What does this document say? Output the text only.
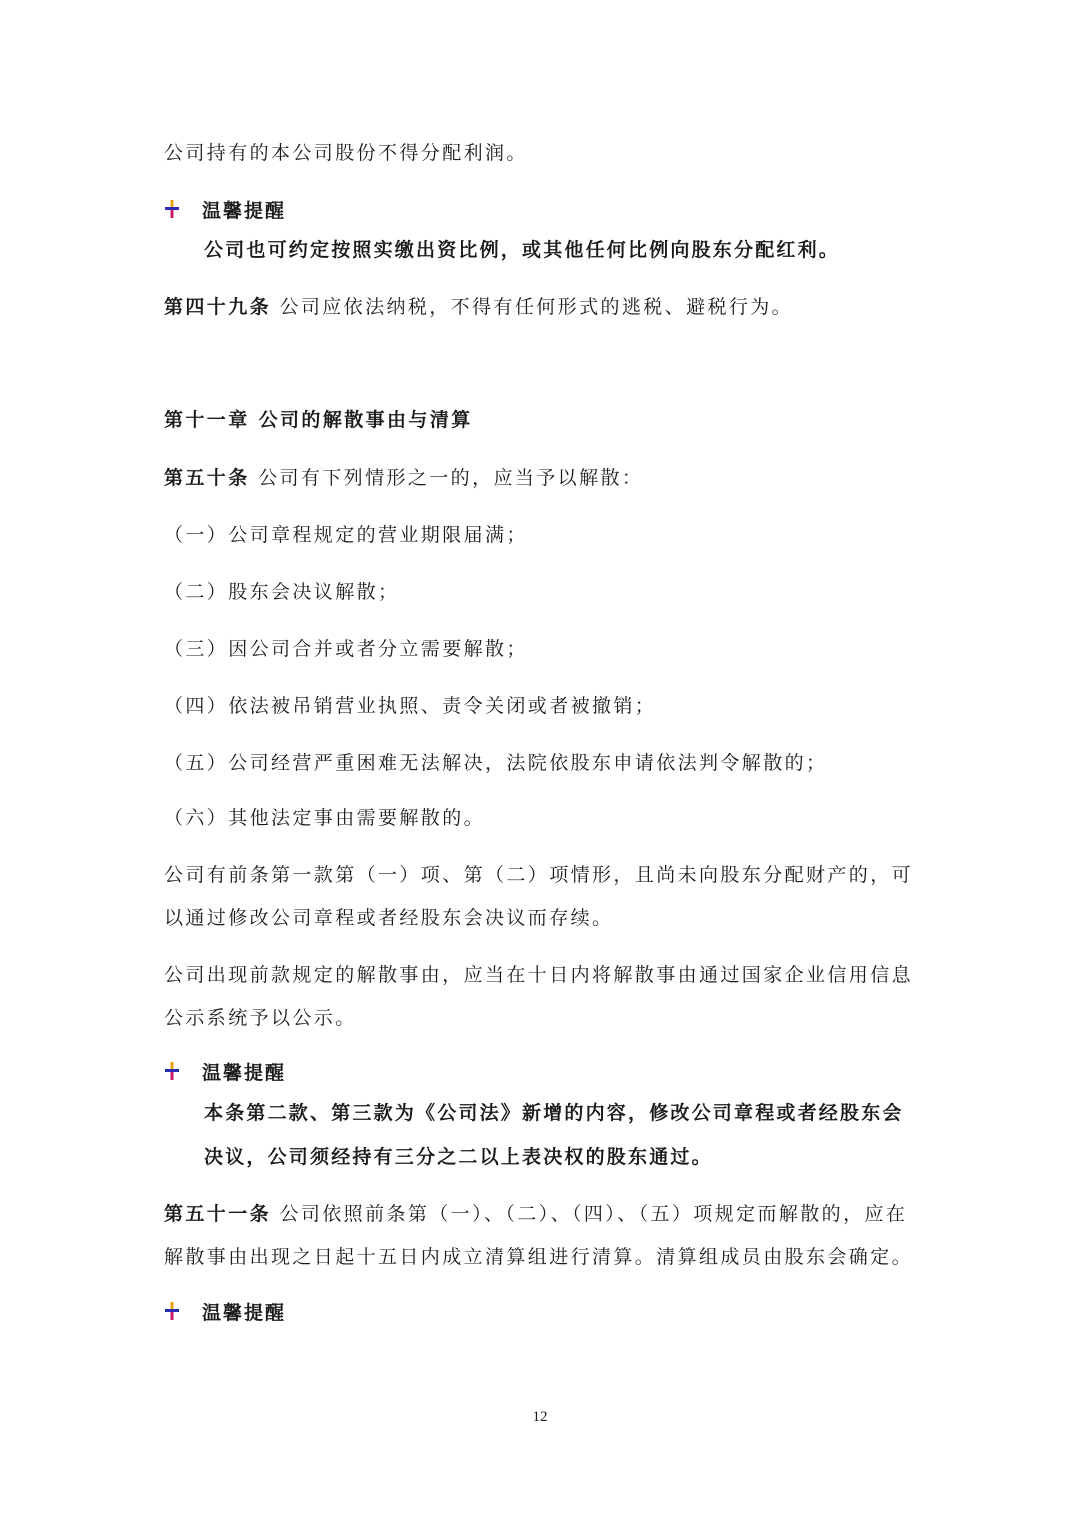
公司持有的本公司股份不得分配利润。
温馨提醒
公司也可约定按照实缴出资比例，或其他任何比例向股东分配红利。
第四十九条 公司应依法纳税，不得有任何形式的逃税、避税行为。
第十一章 公司的解散事由与清算
第五十条 公司有下列情形之一的，应当予以解散：
（一）公司章程规定的营业期限届满；
（二）股东会决议解散；
（三）因公司合并或者分立需要解散；
（四）依法被吊销营业执照、责令关闭或者被撤销；
（五）公司经营严重困难无法解决，法院依股东申请依法判令解散的；
（六）其他法定事由需要解散的。
公司有前条第一款第（一）项、第（二）项情形，且尚未向股东分配财产的，可
以通过修改公司章程或者经股东会决议而存续。
公司出现前款规定的解散事由，应当在十日内将解散事由通过国家企业信用信息
公示系统予以公示。
温馨提醒
本条第二款、第三款为《公司法》新增的内容，修改公司章程或者经股东会
决议，公司须经持有三分之二以上表决权的股东通过。
第五十一条 公司依照前条第（一）、（二）、（四）、（五）项规定而解散的，应在
解散事由出现之日起十五日内成立清算组进行清算。清算组成员由股东会确定。
温馨提醒
12
